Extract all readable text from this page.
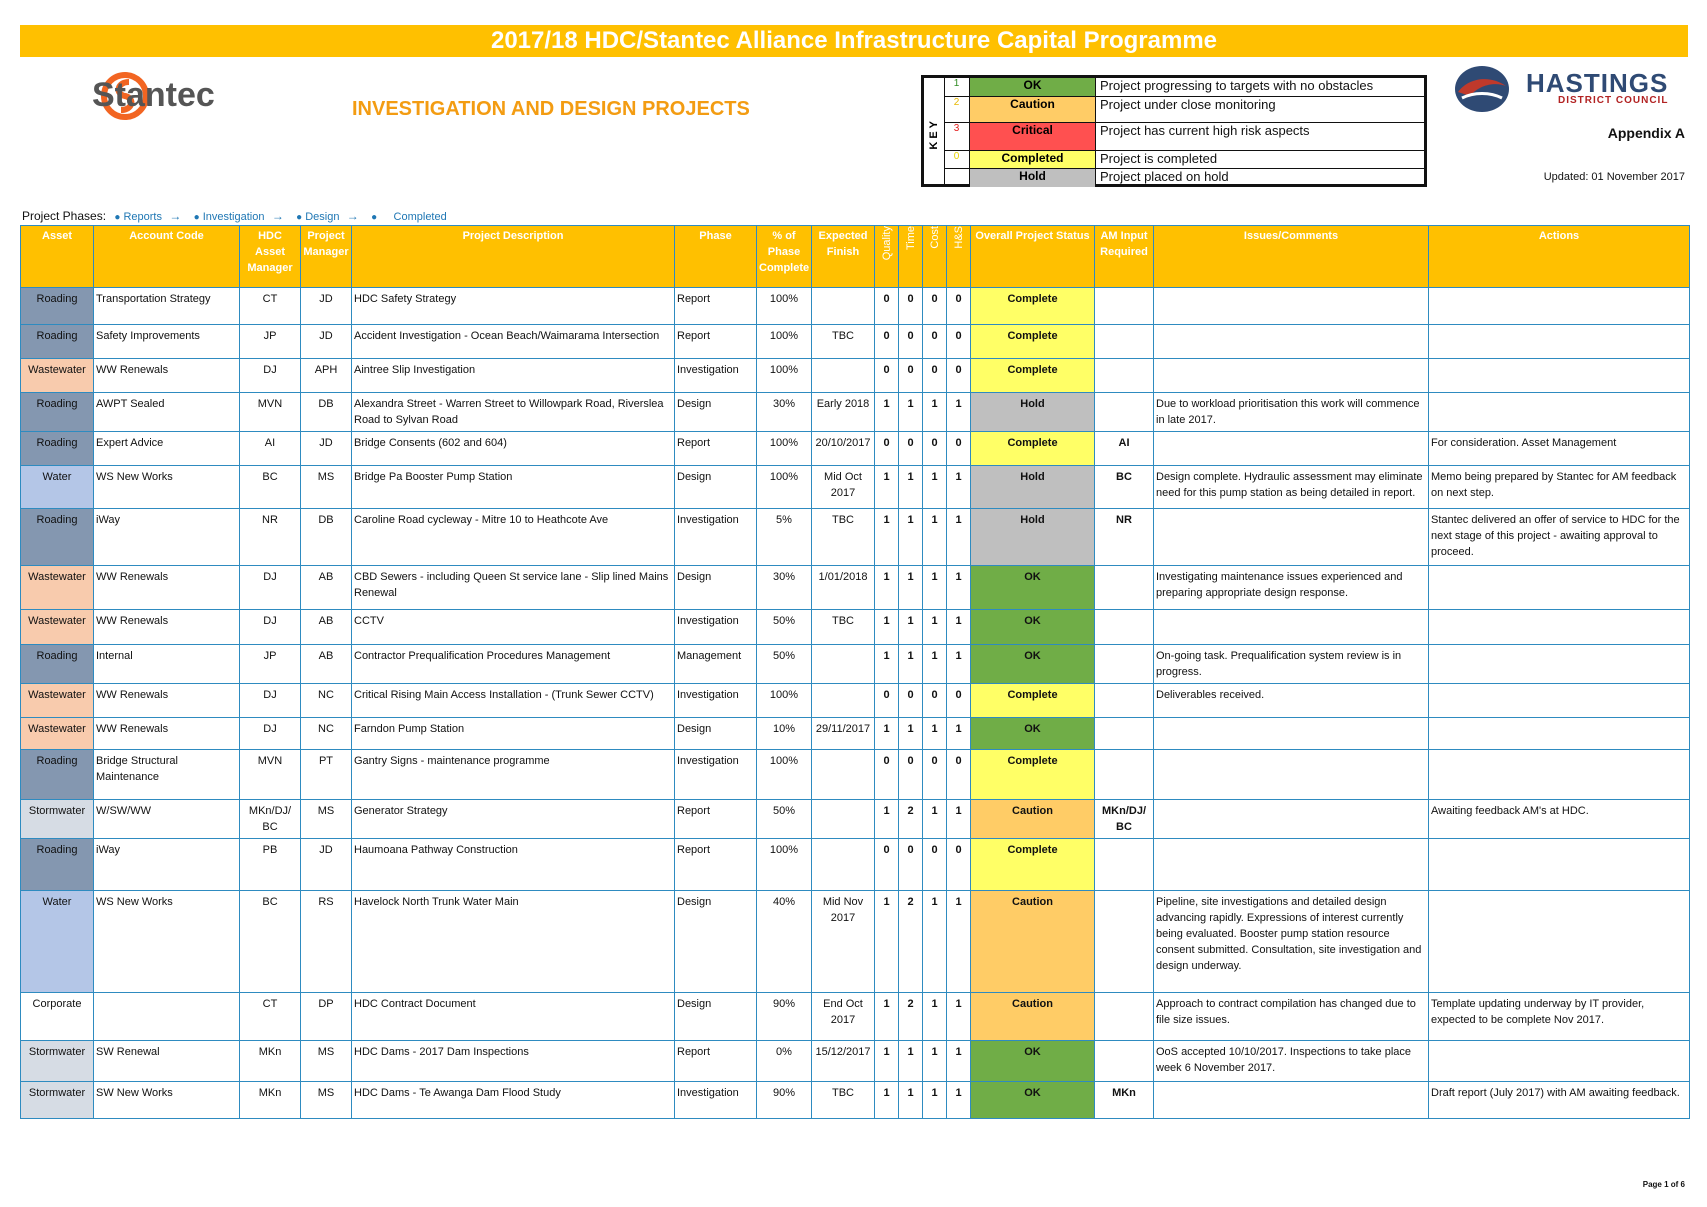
2017/18 HDC/Stantec Alliance Infrastructure Capital Programme
Stantec	INVESTIGATION AND DESIGN PROJECTS
KEY
1	OK	Project progressing to targets with no obstacles
2	Caution	Project under close monitoring
3	Critical	Project has current high risk aspects
0	Completed	Project is completed
Hold	Project placed on hold
HASTINGS
DISTRICT COUNCIL
Appendix A
Updated: 01 November 2017
Project Phases: ● Reports → ● Investigation → ● Design → ● Completed
Asset	Account Code	HDC Asset Manager	Project Manager	Project Description	Phase	% of Phase Complete	Expected Finish	Quality	Time	Cost	H&S	Overall Project Status	AM Input Required	Issues/Comments	Actions
Roading	Transportation Strategy	CT	JD	HDC Safety Strategy	Report	100%		0	0	0	0	Complete			
Roading	Safety Improvements	JP	JD	Accident Investigation - Ocean Beach/Waimarama Intersection	Report	100%	TBC	0	0	0	0	Complete			
Wastewater	WW Renewals	DJ	APH	Aintree Slip Investigation	Investigation	100%		0	0	0	0	Complete			
Roading	AWPT Sealed	MVN	DB	Alexandra Street - Warren Street to Willowpark Road, Riverslea Road to Sylvan Road	Design	30%	Early 2018	1	1	1	1	Hold		Due to workload prioritisation this work will commence in late 2017.	
Roading	Expert Advice	AI	JD	Bridge Consents (602 and 604)	Report	100%	20/10/2017	0	0	0	0	Complete	AI		For consideration. Asset Management
Water	WS New Works	BC	MS	Bridge Pa Booster Pump Station	Design	100%	Mid Oct 2017	1	1	1	1	Hold	BC	Design complete. Hydraulic assessment may eliminate need for this pump station as being detailed in report.	Memo being prepared by Stantec for AM feedback on next step.
Roading	iWay	NR	DB	Caroline Road cycleway - Mitre 10 to Heathcote Ave	Investigation	5%	TBC	1	1	1	1	Hold	NR		Stantec delivered an offer of service to HDC for the next stage of this project - awaiting approval to proceed.
Wastewater	WW Renewals	DJ	AB	CBD Sewers - including Queen St service lane - Slip lined Mains Renewal	Design	30%	1/01/2018	1	1	1	1	OK		Investigating maintenance issues experienced and preparing appropriate design response.	
Wastewater	WW Renewals	DJ	AB	CCTV	Investigation	50%	TBC	1	1	1	1	OK			
Roading	Internal	JP	AB	Contractor Prequalification Procedures Management	Management	50%		1	1	1	1	OK		On-going task. Prequalification system review is in progress.	
Wastewater	WW Renewals	DJ	NC	Critical Rising Main Access Installation - (Trunk Sewer CCTV)	Investigation	100%		0	0	0	0	Complete		Deliverables received.	
Wastewater	WW Renewals	DJ	NC	Farndon Pump Station	Design	10%	29/11/2017	1	1	1	1	OK			
Roading	Bridge Structural Maintenance	MVN	PT	Gantry Signs - maintenance programme	Investigation	100%		0	0	0	0	Complete			
Stormwater	W/SW/WW	MKn/DJ/ BC	MS	Generator Strategy	Report	50%		1	2	1	1	Caution	MKn/DJ/ BC		Awaiting feedback AM's at HDC.
Roading	iWay	PB	JD	Haumoana Pathway Construction	Report	100%		0	0	0	0	Complete			
Water	WS New Works	BC	RS	Havelock North Trunk Water Main	Design	40%	Mid Nov 2017	1	2	1	1	Caution		Pipeline, site investigations and detailed design advancing rapidly. Expressions of interest currently being evaluated. Booster pump station resource consent submitted. Consultation, site investigation and design underway.	
Corporate		CT	DP	HDC Contract Document	Design	90%	End Oct 2017	1	2	1	1	Caution		Approach to contract compilation has changed due to file size issues.	Template updating underway by IT provider, expected to be complete Nov 2017.
Stormwater	SW Renewal	MKn	MS	HDC Dams - 2017 Dam Inspections	Report	0%	15/12/2017	1	1	1	1	OK		OoS accepted 10/10/2017. Inspections to take place week 6 November 2017.	
Stormwater	SW New Works	MKn	MS	HDC Dams - Te Awanga Dam Flood Study	Investigation	90%	TBC	1	1	1	1	OK	MKn		Draft report (July 2017) with AM awaiting feedback.
Page 1 of 6
